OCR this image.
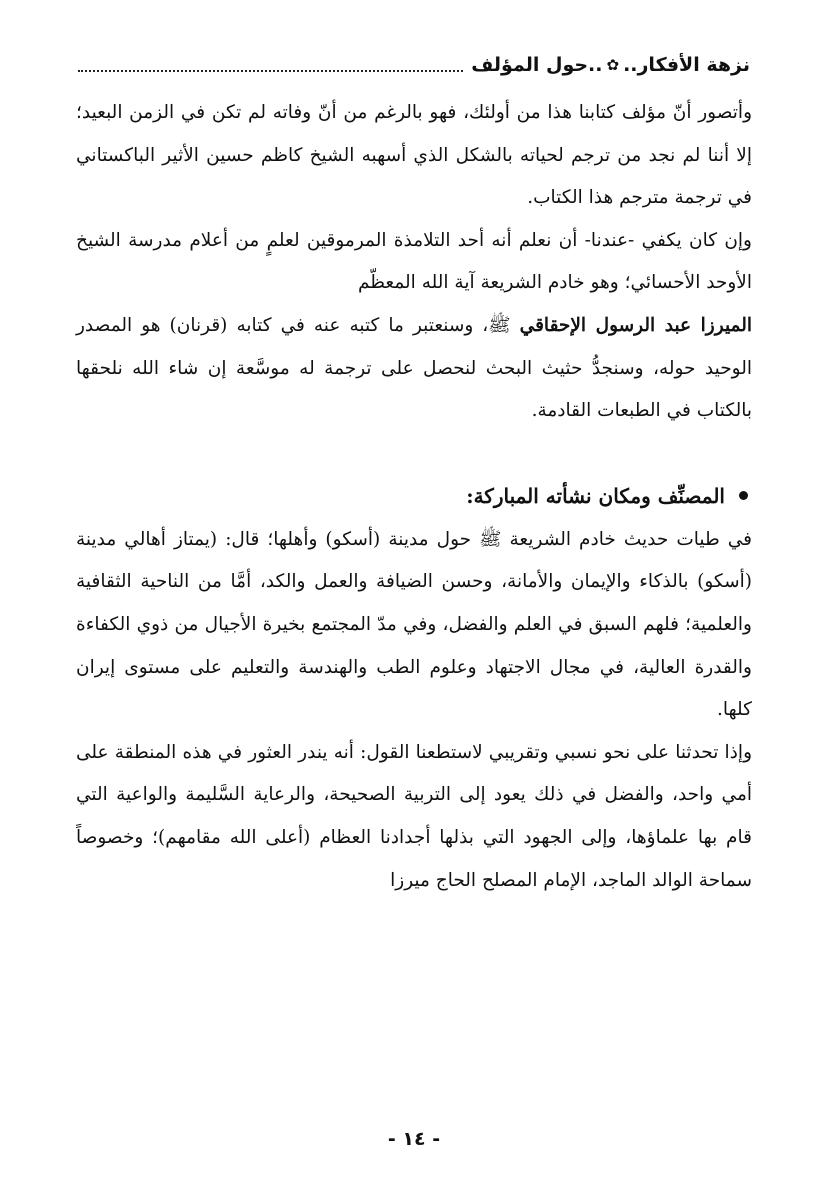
نزهة الأفكار..
✿
..حول المؤلف

وأتصور أنّ مؤلف كتابنا هذا من أولئك، فهو بالرغم من أنّ وفاته لم تكن في الزمن البعيد؛ إلا أننا لم نجد من ترجم لحياته بالشكل الذي أسهبه الشيخ كاظم حسين الأثير الباكستاني في ترجمة مترجم هذا الكتاب.

وإن كان يكفي -عندنا- أن نعلم أنه أحد التلامذة المرموقين لعلمٍ من أعلام مدرسة الشيخ الأوحد الأحسائي؛ وهو خادم الشريعة آية الله المعظّم
الميرزا عبد الرسول الإحقاقي ﷺ، وسنعتبر ما كتبه عنه في كتابه (قرنان) هو المصدر الوحيد حوله، وسنجدُّ حثيث البحث لنحصل على ترجمة له موسَّعة إن شاء الله نلحقها بالكتاب في الطبعات القادمة.

المصنِّف ومكان نشأته المباركة:

في طيات حديث خادم الشريعة ﷺ حول مدينة (أسكو) وأهلها؛ قال: (يمتاز أهالي مدينة (أسكو) بالذكاء والإيمان والأمانة، وحسن الضيافة والعمل والكد، أمَّا من الناحية الثقافية والعلمية؛ فلهم السبق في العلم والفضل، وفي مدّ المجتمع بخيرة الأجيال من ذوي الكفاءة والقدرة العالية، في مجال الاجتهاد وعلوم الطب والهندسة والتعليم على مستوى إيران كلها.

وإذا تحدثنا على نحو نسبي وتقريبي لاستطعنا القول: أنه يندر العثور في هذه المنطقة على أمي واحد، والفضل في ذلك يعود إلى التربية الصحيحة، والرعاية السَّليمة والواعية التي قام بها علماؤها، وإلى الجهود التي بذلها أجدادنا العظام (أعلى الله مقامهم)؛ وخصوصاً سماحة الوالد الماجد، الإمام المصلح الحاج ميرزا

- ١٤ -
